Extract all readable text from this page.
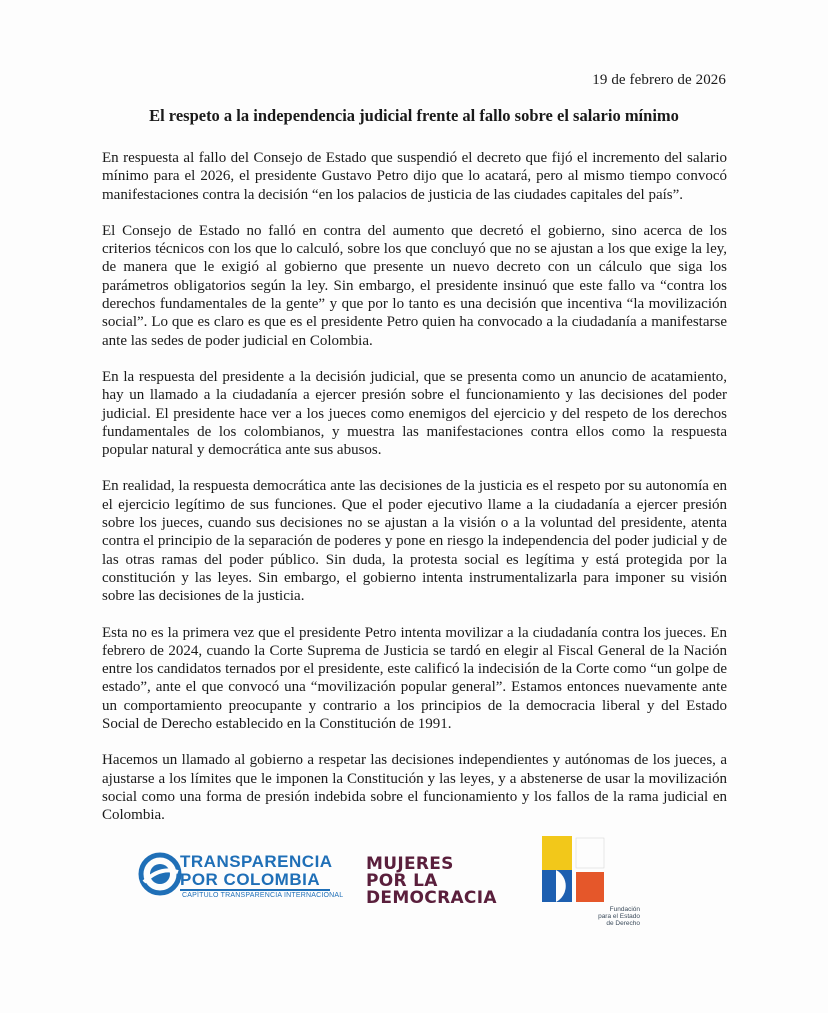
19 de febrero de 2026
El respeto a la independencia judicial frente al fallo sobre el salario mínimo

En respuesta al fallo del Consejo de Estado que suspendió el decreto que fijó el incremento del salario mínimo para el 2026, el presidente Gustavo Petro dijo que lo acatará, pero al mismo tiempo convocó manifestaciones contra la decisión “en los palacios de justicia de las ciudades capitales del país”.

El Consejo de Estado no falló en contra del aumento que decretó el gobierno, sino acerca de los criterios técnicos con los que lo calculó, sobre los que concluyó que no se ajustan a los que exige la ley, de manera que le exigió al gobierno que presente un nuevo decreto con un cálculo que siga los parámetros obligatorios según la ley. Sin embargo, el presidente insinuó que este fallo va “contra los derechos fundamentales de la gente” y que por lo tanto es una decisión que incentiva “la movilización social”. Lo que es claro es que es el presidente Petro quien ha convocado a la ciudadanía a manifestarse ante las sedes de poder judicial en Colombia.

En la respuesta del presidente a la decisión judicial, que se presenta como un anuncio de acatamiento, hay un llamado a la ciudadanía a ejercer presión sobre el funcionamiento y las decisiones del poder judicial. El presidente hace ver a los jueces como enemigos del ejercicio y del respeto de los derechos fundamentales de los colombianos, y muestra las manifestaciones contra ellos como la respuesta popular natural y democrática ante sus abusos.

En realidad, la respuesta democrática ante las decisiones de la justicia es el respeto por su autonomía en el ejercicio legítimo de sus funciones. Que el poder ejecutivo llame a la ciudadanía a ejercer presión sobre los jueces, cuando sus decisiones no se ajustan a la visión o a la voluntad del presidente, atenta contra el principio de la separación de poderes y pone en riesgo la independencia del poder judicial y de las otras ramas del poder público. Sin duda, la protesta social es legítima y está protegida por la constitución y las leyes. Sin embargo, el gobierno intenta instrumentalizarla para imponer su visión sobre las decisiones de la justicia.

Esta no es la primera vez que el presidente Petro intenta movilizar a la ciudadanía contra los jueces. En febrero de 2024, cuando la Corte Suprema de Justicia se tardó en elegir al Fiscal General de la Nación entre los candidatos ternados por el presidente, este calificó la indecisión de la Corte como “un golpe de estado”, ante el que convocó una “movilización popular general”. Estamos entonces nuevamente ante un comportamiento preocupante y contrario a los principios de la democracia liberal y del Estado Social de Derecho establecido en la Constitución de 1991.

Hacemos un llamado al gobierno a respetar las decisiones independientes y autónomas de los jueces, a ajustarse a los límites que le imponen la Constitución y las leyes, y a abstenerse de usar la movilización social como una forma de presión indebida sobre el funcionamiento y los fallos de la rama judicial en Colombia.

TRANSPARENCIA
POR COLOMBIA
CAPÍTULO TRANSPARENCIA INTERNACIONAL
MUJERES
POR LA
DEMOCRACIA
Fundación
para el Estado
de Derecho
